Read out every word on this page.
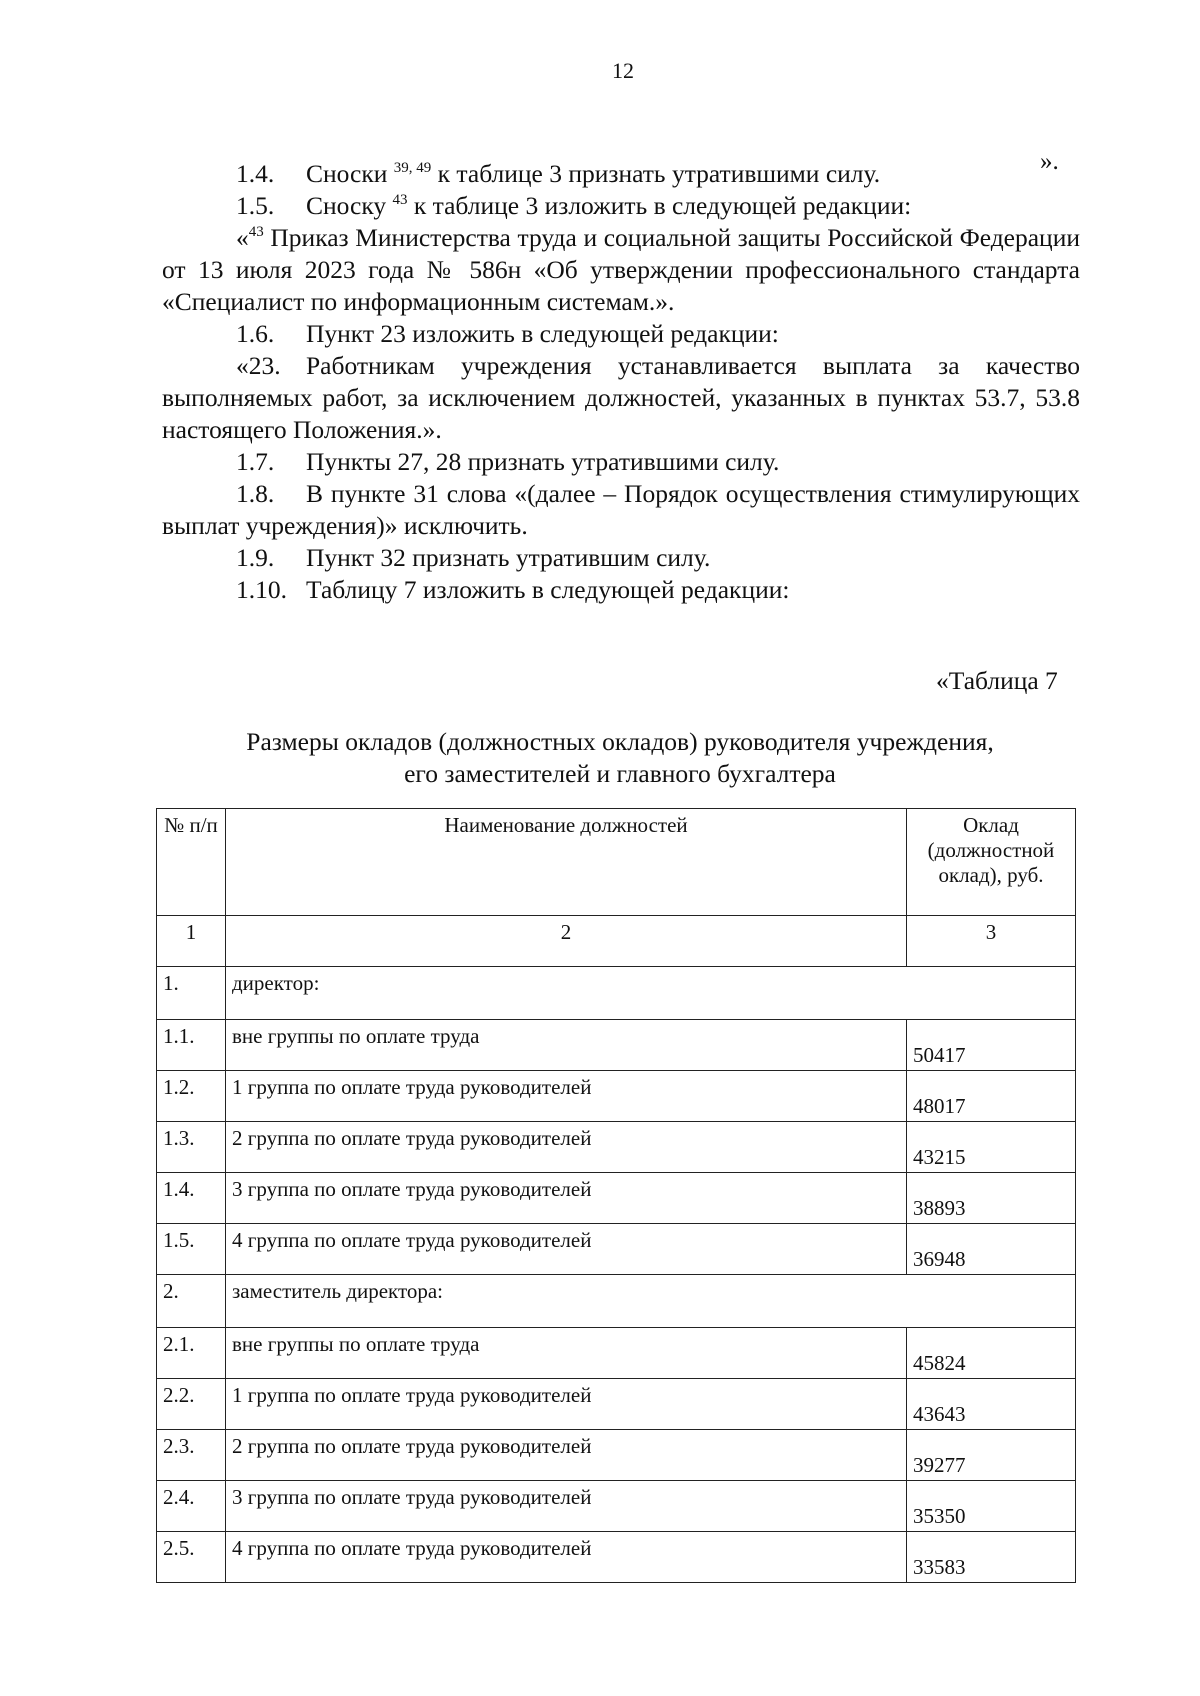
12
».

1.4. Сноски $^{39, 49}$ к таблице 3 признать утратившими силу.

1.5. Сноску $^{43}$ к таблице 3 изложить в следующей редакции:

«$^{43}$ Приказ Министерства труда и социальной защиты Российской Федерации от 13 июля 2023 года № 586н «Об утверждении профессионального стандарта «Специалист по информационным системам.».

1.6. Пункт 23 изложить в следующей редакции:

«23. Работникам учреждения устанавливается выплата за качество выполняемых работ, за исключением должностей, указанных в пунктах 53.7, 53.8 настоящего Положения.».

1.7. Пункты 27, 28 признать утратившими силу.

1.8. В пункте 31 слова «(далее – Порядок осуществления стимулирующих выплат учреждения)» исключить.

1.9. Пункт 32 признать утратившим силу.

1.10. Таблицу 7 изложить в следующей редакции:

«Таблица 7
Размеры окладов (должностных окладов) руководителя учреждения,
его заместителей и главного бухгалтера
№ п/п	Наименование должностей	Оклад (должностной оклад), руб.
1	2	3
1.	директор:	
1.1.	вне группы по оплате труда	50417
1.2.	1 группа по оплате труда руководителей	48017
1.3.	2 группа по оплате труда руководителей	43215
1.4.	3 группа по оплате труда руководителей	38893
1.5.	4 группа по оплате труда руководителей	36948
2.	заместитель директора:	
2.1.	вне группы по оплате труда	45824
2.2.	1 группа по оплате труда руководителей	43643
2.3.	2 группа по оплате труда руководителей	39277
2.4.	3 группа по оплате труда руководителей	35350
2.5.	4 группа по оплате труда руководителей	33583
